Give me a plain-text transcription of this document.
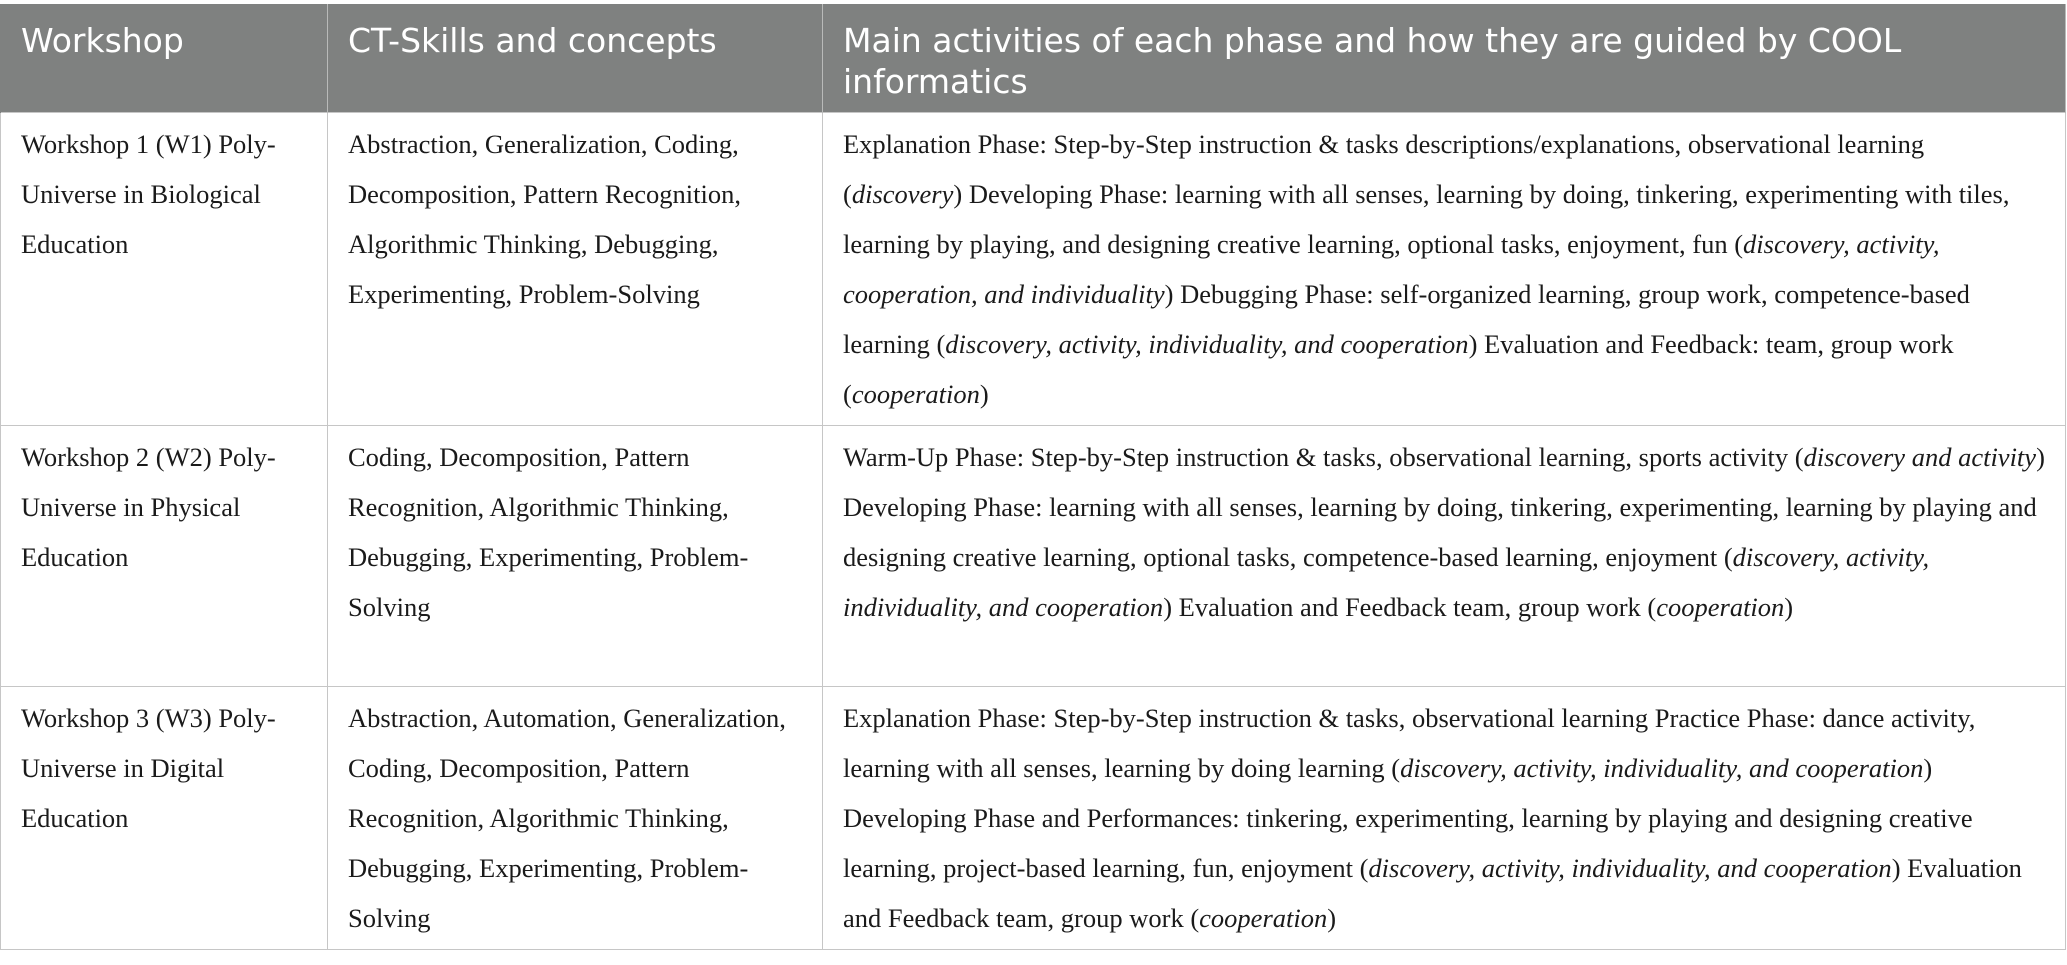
Workshop	CT-Skills and concepts	Main activities of each phase and how they are guided by COOL informatics
Workshop 1 (W1) Poly-Universe in Biological Education	Abstraction, Generalization, Coding, Decomposition, Pattern Recognition, Algorithmic Thinking, Debugging, Experimenting, Problem-Solving	Explanation Phase: Step-by-Step instruction & tasks descriptions/explanations, observational learning (discovery) Developing Phase: learning with all senses, learning by doing, tinkering, experimenting with tiles, learning by playing, and designing creative learning, optional tasks, enjoyment, fun (discovery, activity, cooperation, and individuality) Debugging Phase: self-organized learning, group work, competence-based learning (discovery, activity, individuality, and cooperation) Evaluation and Feedback: team, group work (cooperation)
Workshop 2 (W2) Poly-Universe in Physical Education	Coding, Decomposition, Pattern Recognition, Algorithmic Thinking, Debugging, Experimenting, Problem-Solving	Warm-Up Phase: Step-by-Step instruction & tasks, observational learning, sports activity (discovery and activity) Developing Phase: learning with all senses, learning by doing, tinkering, experimenting, learning by playing and designing creative learning, optional tasks, competence-based learning, enjoyment (discovery, activity, individuality, and cooperation) Evaluation and Feedback team, group work (cooperation)
Workshop 3 (W3) Poly-Universe in Digital Education	Abstraction, Automation, Generalization, Coding, Decomposition, Pattern Recognition, Algorithmic Thinking, Debugging, Experimenting, Problem-Solving	Explanation Phase: Step-by-Step instruction & tasks, observational learning Practice Phase: dance activity, learning with all senses, learning by doing learning (discovery, activity, individuality, and cooperation) Developing Phase and Performances: tinkering, experimenting, learning by playing and designing creative learning, project-based learning, fun, enjoyment (discovery, activity, individuality, and cooperation) Evaluation and Feedback team, group work (cooperation)
